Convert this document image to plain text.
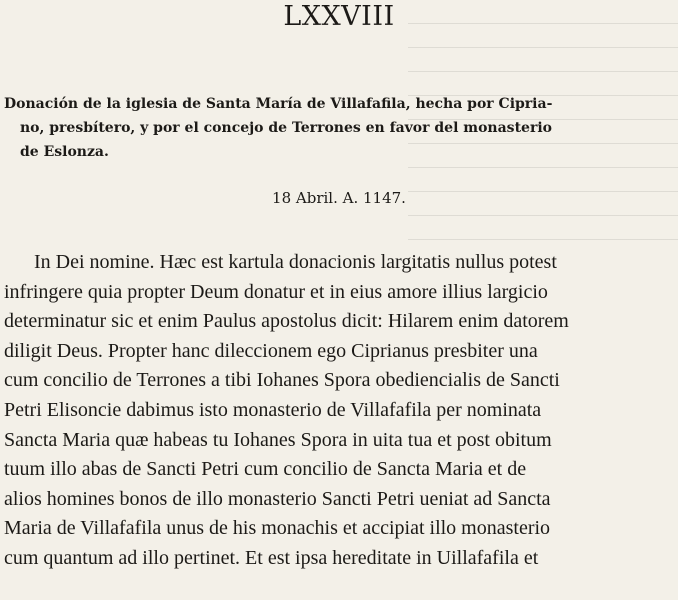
LXXVIII
Donación de la iglesia de Santa María de Villafafila, hecha por Cipria-
no, presbítero, y por el concejo de Terrones en favor del monasterio
de Eslonza.
18 Abril. A. 1147.
In Dei nomine. Hæc est kartula donacionis largitatis nullus potest
infringere quia propter Deum donatur et in eius amore illius largicio
determinatur sic et enim Paulus apostolus dicit: Hilarem enim datorem
diligit Deus. Propter hanc dileccionem ego Ciprianus presbiter una
cum concilio de Terrones a tibi Iohanes Spora obediencialis de Sancti
Petri Elisoncie dabimus isto monasterio de Villafafila per nominata
Sancta Maria quæ habeas tu Iohanes Spora in uita tua et post obitum
tuum illo abas de Sancti Petri cum concilio de Sancta Maria et de
alios homines bonos de illo monasterio Sancti Petri ueniat ad Sancta
Maria de Villafafila unus de his monachis et accipiat illo monasterio
cum quantum ad illo pertinet. Et est ipsa hereditate in Uillafafila et
